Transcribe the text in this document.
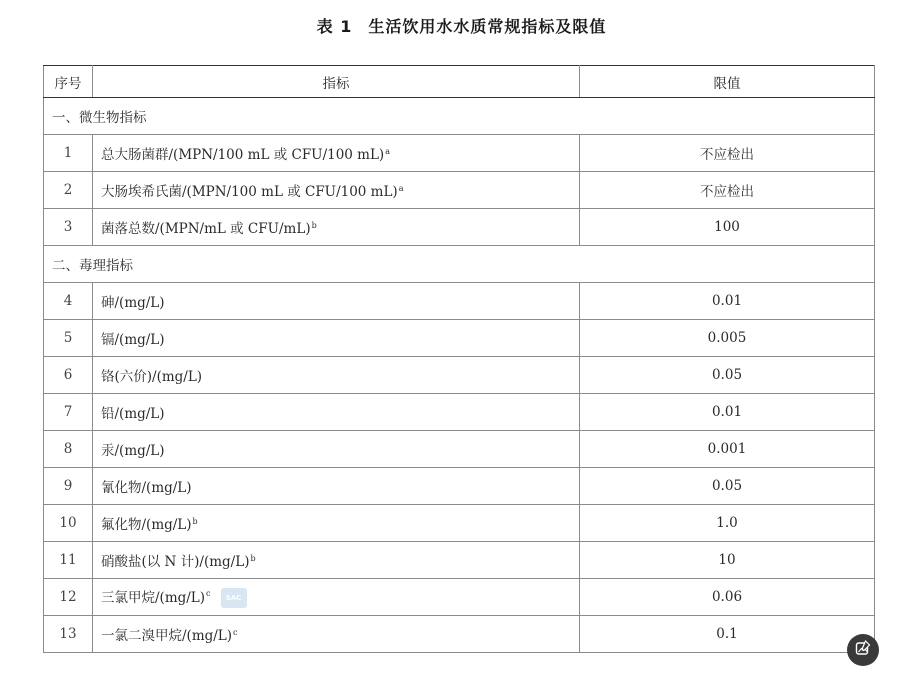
表 1 生活饮用水水质常规指标及限值
序号	指标	限值
一、微生物指标		
1	总大肠菌群/(MPN/100 mL 或 CFU/100 mL)$^a$	不应检出
2	大肠埃希氏菌/(MPN/100 mL 或 CFU/100 mL)$^a$	不应检出
3	菌落总数/(MPN/mL 或 CFU/mL)$^b$	100
二、毒理指标		
4	砷/(mg/L)	0.01
5	镉/(mg/L)	0.005
6	铬(六价)/(mg/L)	0.05
7	铅/(mg/L)	0.01
8	汞/(mg/L)	0.001
9	氰化物/(mg/L)	0.05
10	氟化物$/(mg/L)^b$	1.0
11	硝酸盐(以 N 计)$/(mg/L)^b$	10
12	三氯甲烷$/(mg/L)^c$ SAC	0.06
13	一氯二溴甲烷$/(mg/L)^c$	0.1
